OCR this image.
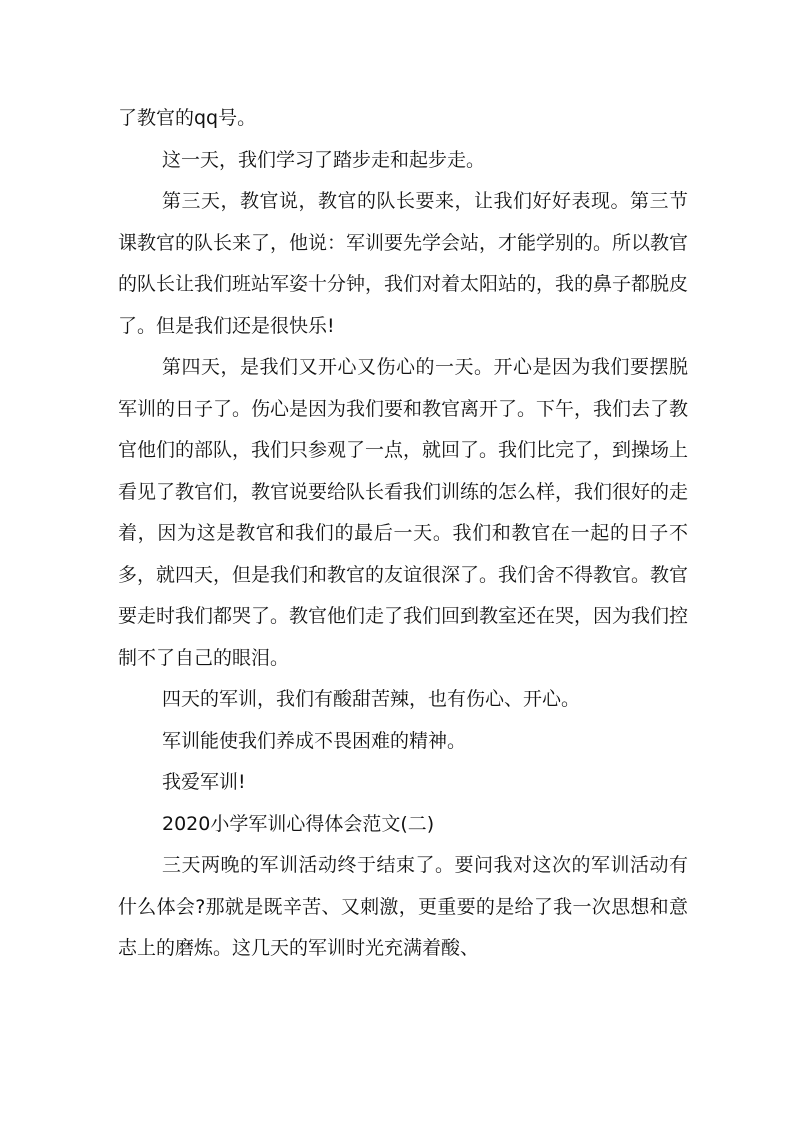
了教官的qq号。

这一天，我们学习了踏步走和起步走。

第三天，教官说，教官的队长要来，让我们好好表现。第三节课教官的队长来了，他说：军训要先学会站，才能学别的。所以教官的队长让我们班站军姿十分钟，我们对着太阳站的，我的鼻子都脱皮了。但是我们还是很快乐!

第四天，是我们又开心又伤心的一天。开心是因为我们要摆脱军训的日子了。伤心是因为我们要和教官离开了。下午，我们去了教官他们的部队，我们只参观了一点，就回了。我们比完了，到操场上看见了教官们，教官说要给队长看我们训练的怎么样，我们很好的走着，因为这是教官和我们的最后一天。我们和教官在一起的日子不多，就四天，但是我们和教官的友谊很深了。我们舍不得教官。教官要走时我们都哭了。教官他们走了我们回到教室还在哭，因为我们控制不了自己的眼泪。

四天的军训，我们有酸甜苦辣，也有伤心、开心。

军训能使我们养成不畏困难的精神。

我爱军训!

2020小学军训心得体会范文(二)

三天两晚的军训活动终于结束了。要问我对这次的军训活动有什么体会?那就是既辛苦、又刺激，更重要的是给了我一次思想和意志上的磨炼。这几天的军训时光充满着酸、
